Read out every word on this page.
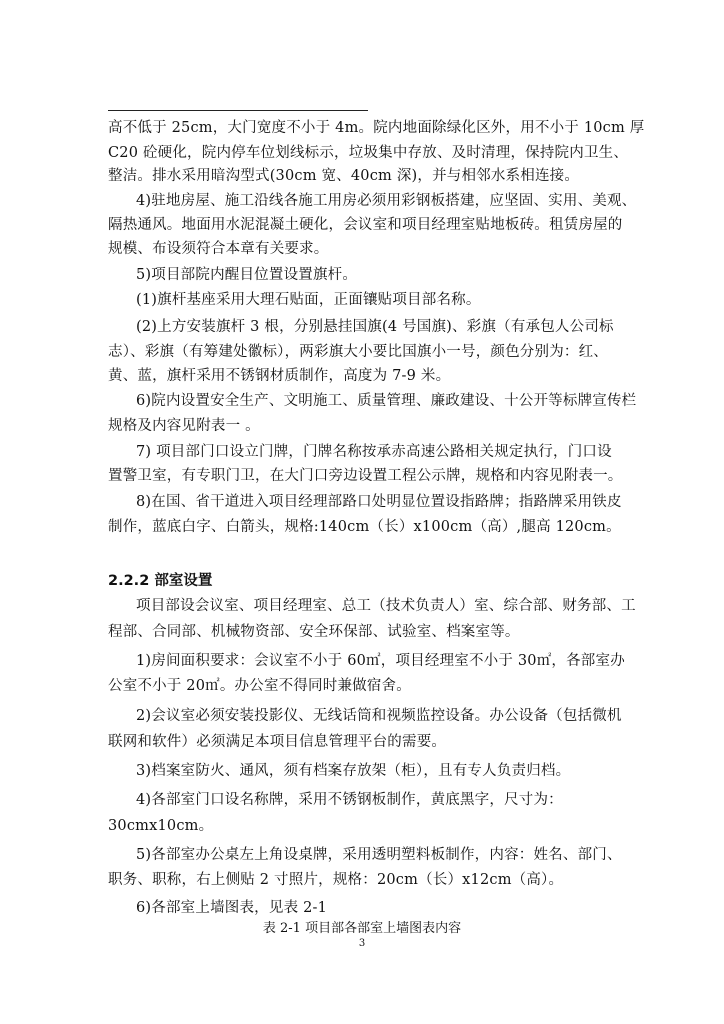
高不低于 25cm，大门宽度不小于 4m。院内地面除绿化区外，用不小于 10cm 厚
C20 砼硬化，院内停车位划线标示，垃圾集中存放、及时清理，保持院内卫生、
整洁。排水采用暗沟型式(30cm 宽、40cm 深)，并与相邻水系相连接。
4)驻地房屋、施工沿线各施工用房必须用彩钢板搭建，应坚固、实用、美观、
隔热通风。地面用水泥混凝土硬化，会议室和项目经理室贴地板砖。租赁房屋的
规模、布设须符合本章有关要求。
5)项目部院内醒目位置设置旗杆。
(1)旗杆基座采用大理石贴面，正面镶贴项目部名称。
(2)上方安装旗杆 3 根，分别悬挂国旗(4 号国旗)、彩旗（有承包人公司标
志）、彩旗（有筹建处徽标），两彩旗大小要比国旗小一号，颜色分别为：红、
黄、蓝，旗杆采用不锈钢材质制作，高度为 7-9 米。
6)院内设置安全生产、文明施工、质量管理、廉政建设、十公开等标牌宣传栏
规格及内容见附表一 。
7) 项目部门口设立门牌，门牌名称按承赤高速公路相关规定执行，门口设
置警卫室，有专职门卫，在大门口旁边设置工程公示牌，规格和内容见附表一。
8)在国、省干道进入项目经理部路口处明显位置设指路牌；指路牌采用铁皮
制作，蓝底白字、白箭头，规格:140cm（长）x100cm（高）,腿高 120cm。
2.2.2 部室设置
项目部设会议室、项目经理室、总工（技术负责人）室、综合部、财务部、工
程部、合同部、机械物资部、安全环保部、试验室、档案室等。
1)房间面积要求：会议室不小于 60㎡，项目经理室不小于 30㎡，各部室办
公室不小于 20㎡。办公室不得同时兼做宿舍。
2)会议室必须安装投影仪、无线话筒和视频监控设备。办公设备（包括微机
联网和软件）必须满足本项目信息管理平台的需要。
3)档案室防火、通风，须有档案存放架（柜），且有专人负责归档。
4)各部室门口设名称牌，采用不锈钢板制作，黄底黑字，尺寸为：
30cmx10cm。
5)各部室办公桌左上角设桌牌，采用透明塑料板制作，内容：姓名、部门、
职务、职称，右上侧贴 2 寸照片，规格：20cm（长）x12cm（高）。
6)各部室上墙图表，见表 2-1
表 2-1 项目部各部室上墙图表内容
3
